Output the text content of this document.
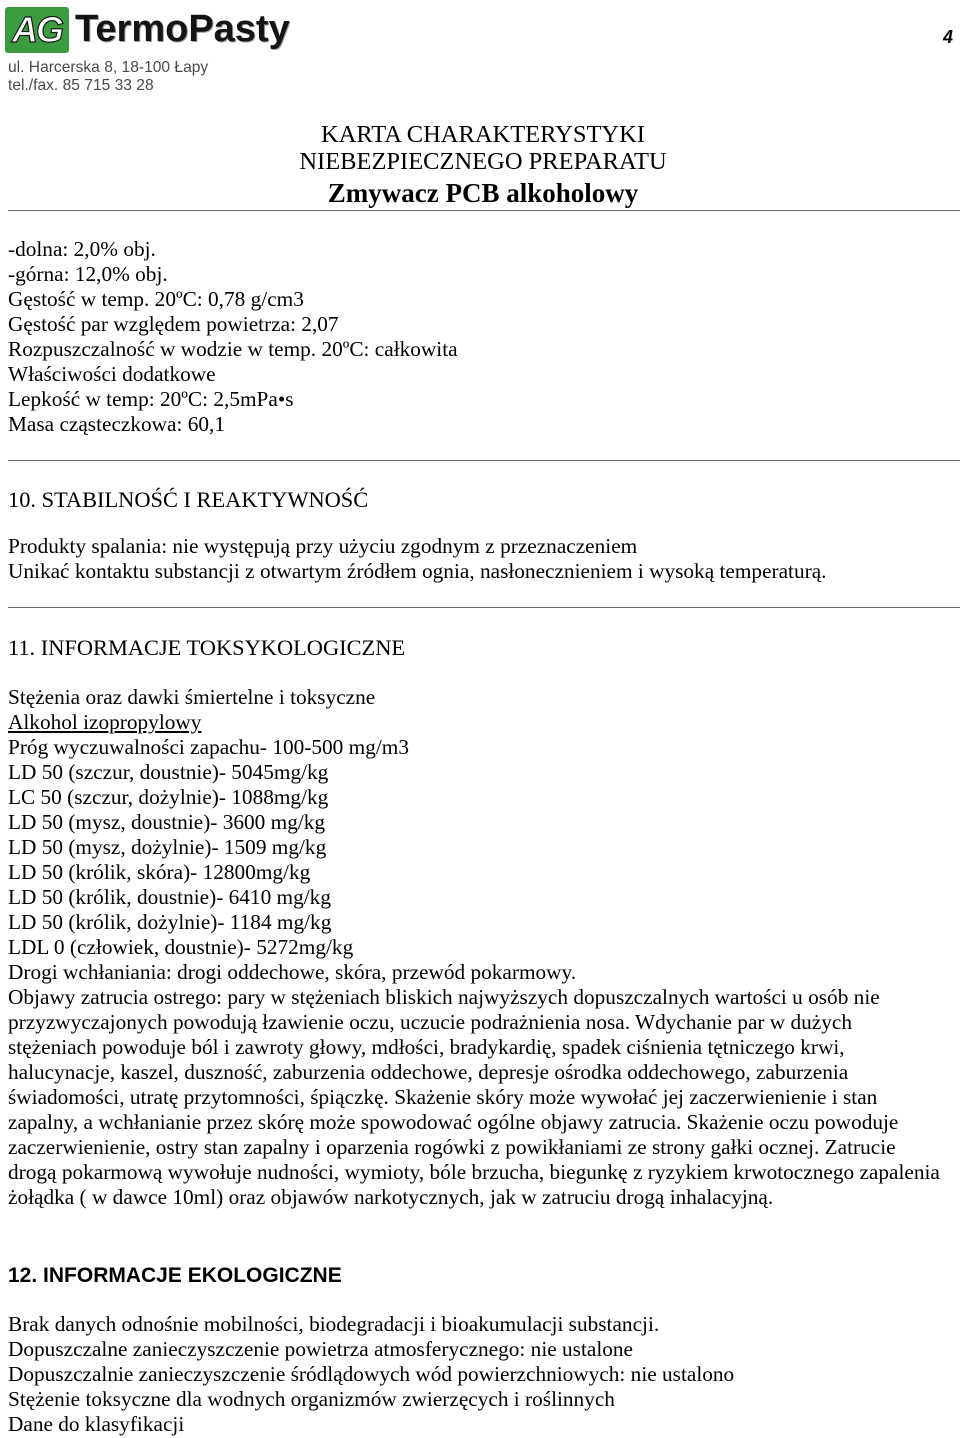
AG TermoPasty	4
ul. Harcerska 8, 18-100 Łapy
tel./fax. 85 715 33 28
KARTA CHARAKTERYSTYKI
NIEBEZPIECZNEGO PREPARATU
Zmywacz PCB alkoholowy
-dolna: 2,0% obj.
-górna: 12,0% obj.
Gęstość w temp. 20ºC: 0,78 g/cm3
Gęstość par względem powietrza: 2,07
Rozpuszczalność w wodzie w temp. 20ºC: całkowita
Właściwości dodatkowe
Lepkość w temp: 20ºC: 2,5mPa•s
Masa cząsteczkowa: 60,1
10. STABILNOŚĆ I REAKTYWNOŚĆ
Produkty spalania: nie występują przy użyciu zgodnym z przeznaczeniem
Unikać kontaktu substancji z otwartym źródłem ognia, nasłonecznieniem i wysoką temperaturą.
11. INFORMACJE TOKSYKOLOGICZNE
Stężenia oraz dawki śmiertelne i toksyczne
Alkohol izopropylowy
Próg wyczuwalności zapachu- 100-500 mg/m3
LD 50 (szczur, doustnie)- 5045mg/kg
LC 50 (szczur, dożylnie)- 1088mg/kg
LD 50 (mysz, doustnie)- 3600 mg/kg
LD 50 (mysz, dożylnie)- 1509 mg/kg
LD 50 (królik, skóra)- 12800mg/kg
LD 50 (królik, doustnie)- 6410 mg/kg
LD 50 (królik, dożylnie)- 1184 mg/kg
LDL 0 (człowiek, doustnie)- 5272mg/kg
Drogi wchłaniania: drogi oddechowe, skóra, przewód pokarmowy.
Objawy zatrucia ostrego: pary w stężeniach bliskich najwyższych dopuszczalnych wartości u osób nie
przyzwyczajonych powodują łzawienie oczu, uczucie podrażnienia nosa. Wdychanie par w dużych
stężeniach powoduje ból i zawroty głowy, mdłości, bradykardię, spadek ciśnienia tętniczego krwi,
halucynacje, kaszel, duszność, zaburzenia oddechowe, depresje ośrodka oddechowego, zaburzenia
świadomości, utratę przytomności, śpiączkę. Skażenie skóry może wywołać jej zaczerwienienie i stan
zapalny, a wchłanianie przez skórę może spowodować ogólne objawy zatrucia. Skażenie oczu powoduje
zaczerwienienie, ostry stan zapalny i oparzenia rogówki z powikłaniami ze strony gałki ocznej. Zatrucie
drogą pokarmową wywołuje nudności, wymioty, bóle brzucha, biegunkę z ryzykiem krwotocznego zapalenia
żołądka ( w dawce 10ml) oraz objawów narkotycznych, jak w zatruciu drogą inhalacyjną.
12. INFORMACJE EKOLOGICZNE
Brak danych odnośnie mobilności, biodegradacji i bioakumulacji substancji.
Dopuszczalne zanieczyszczenie powietrza atmosferycznego: nie ustalone
Dopuszczalnie zanieczyszczenie śródlądowych wód powierzchniowych: nie ustalono
Stężenie toksyczne dla wodnych organizmów zwierzęcych i roślinnych
Dane do klasyfikacji
